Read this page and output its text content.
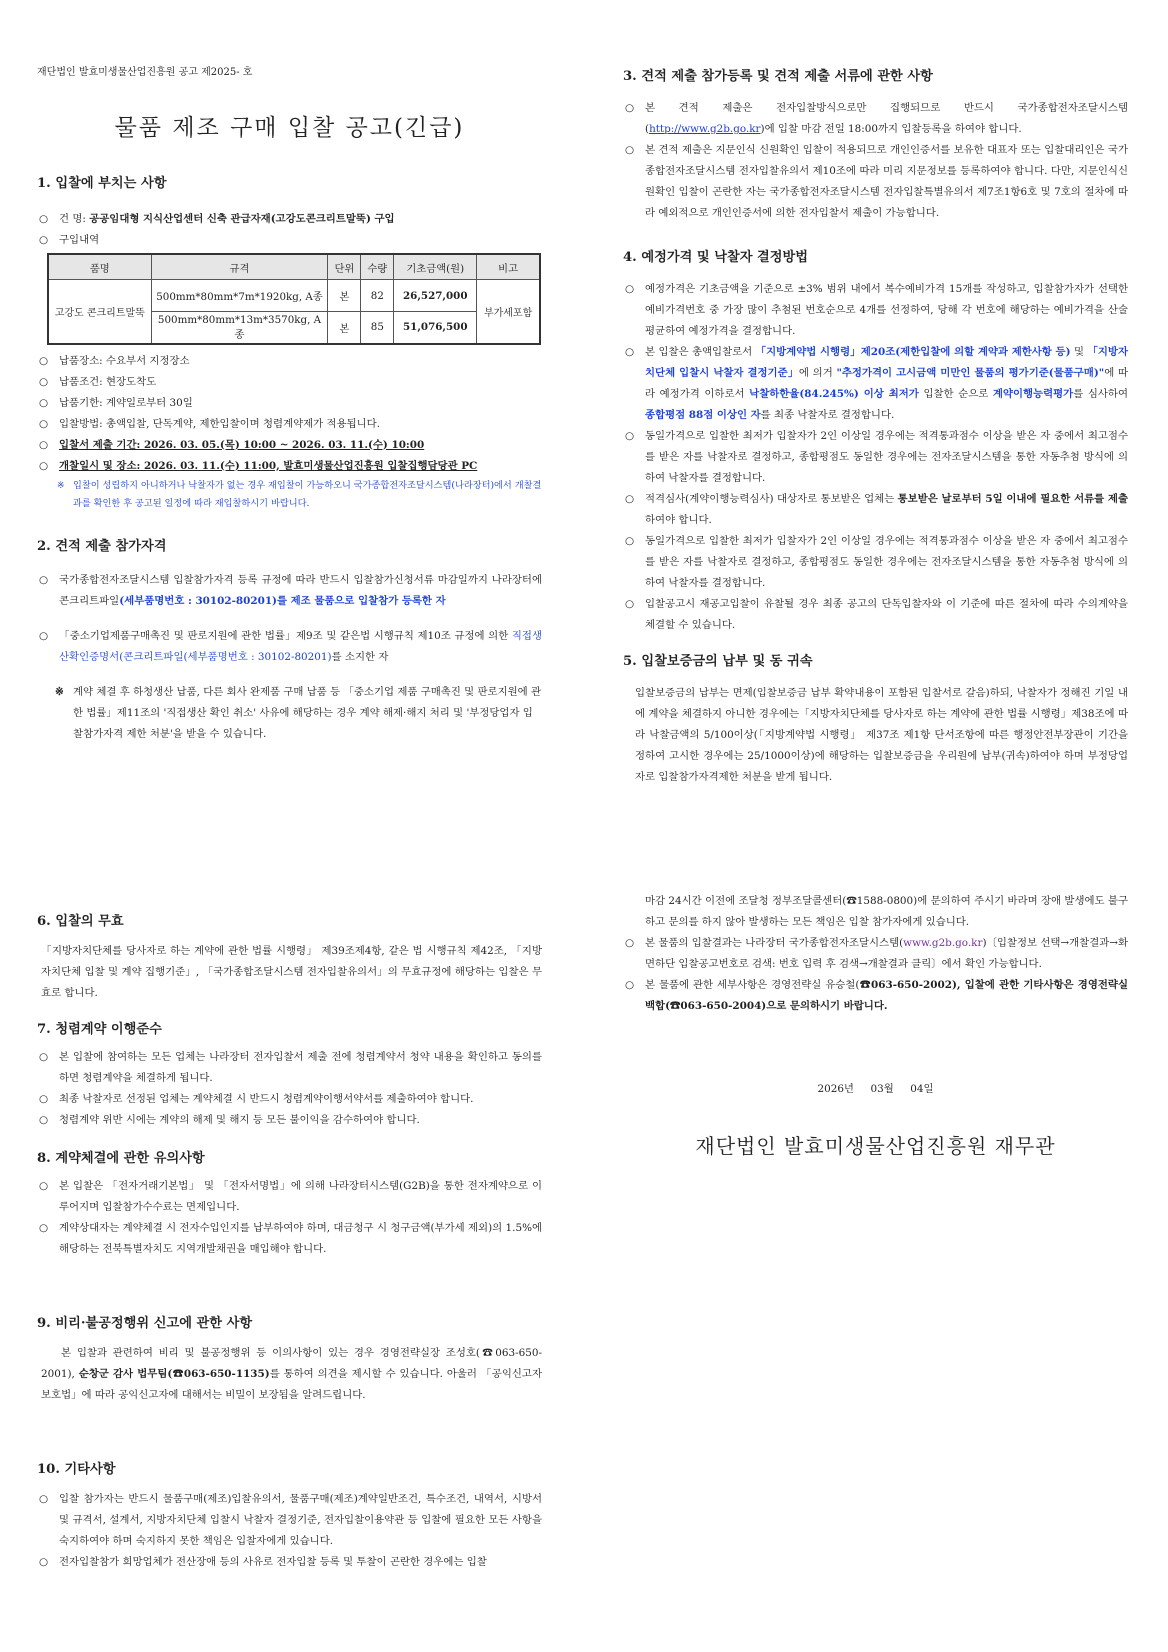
재단법인 발효미생물산업진흥원 공고 제2025- 호

물품 제조 구매 입찰 공고(긴급)

1. 입찰에 부치는 사항

○ 건 명: 공공임대형 지식산업센터 신축 관급자재(고강도콘크리트말뚝) 구입

○ 구입내역

품명	규격	단위	수량	기초금액(원)	비고
고강도 콘크리트말뚝	500mm*80mm*7m*1920kg, A종	본	82	26,527,000	부가세포함
	500mm*80mm*13m*3570kg, A종	본	85	51,076,500	

○ 납품장소: 수요부서 지정장소

○ 납품조건: 현장도착도

○ 납품기한: 계약일로부터 30일

○ 입찰방법: 총액입찰, 단독계약, 제한입찰이며 청렴계약제가 적용됩니다.

○ 입찰서 제출 기간: 2026. 03. 05.(목) 10:00 ~ 2026. 03. 11.(수) 10:00

○ 개찰일시 및 장소: 2026. 03. 11.(수) 11:00, 발효미생물산업진흥원 입찰집행담당관 PC

※ 입찰이 성립하지 아니하거나 낙찰자가 없는 경우 재입찰이 가능하오니 국가종합전자조달시스템(나라장터)에서 개찰결과를 확인한 후 공고된 일정에 따라 재입찰하시기 바랍니다.

2. 견적 제출 참가자격

○ 국가종합전자조달시스템 입찰참가자격 등록 규정에 따라 반드시 입찰참가신청서류 마감일까지 나라장터에 콘크리트파일(세부품명번호 : 30102-80201)를 제조 물품으로 입찰참가 등록한 자

○ 「중소기업제품구매촉진 및 판로지원에 관한 법률」제9조 및 같은법 시행규칙 제10조 규정에 의한 직접생산확인증명서(콘크리트파일(세부품명번호 : 30102-80201)를 소지한 자

※ 계약 체결 후 하청생산 납품, 다른 회사 완제품 구매 납품 등 「중소기업 제품 구매촉진 및 판로지원에 관한 법률」제11조의 '직접생산 확인 취소' 사유에 해당하는 경우 계약 해제·해지 처리 및 '부정당업자 입찰참가자격 제한 처분'을 받을 수 있습니다.

3. 견적 제출 참가등록 및 견적 제출 서류에 관한 사항

○ 본 견적 제출은 전자입찰방식으로만 집행되므로 반드시 국가종합전자조달시스템 (http://www.g2b.go.kr)에 입찰 마감 전일 18:00까지 입찰등록을 하여야 합니다.

○ 본 견적 제출은 지문인식 신원확인 입찰이 적용되므로 개인인증서를 보유한 대표자 또는 입찰대리인은 국가종합전자조달시스템 전자입찰유의서 제10조에 따라 미리 지문정보를 등록하여야 합니다. 다만, 지문인식신원확인 입찰이 곤란한 자는 국가종합전자조달시스템 전자입찰특별유의서 제7조1항6호 및 7호의 절차에 따라 예외적으로 개인인증서에 의한 전자입찰서 제출이 가능합니다.

4. 예정가격 및 낙찰자 결정방법

○ 예정가격은 기초금액을 기준으로 ±3% 범위 내에서 복수예비가격 15개를 작성하고, 입찰참가자가 선택한 예비가격번호 중 가장 많이 추첨된 번호순으로 4개를 선정하여, 당해 각 번호에 해당하는 예비가격을 산술평균하여 예정가격을 결정합니다.

○ 본 입찰은 총액입찰로서 「지방계약법 시행령」제20조(제한입찰에 의할 계약과 제한사항 등) 및 「지방자치단체 입찰시 낙찰자 결정기준」에 의거 "추정가격이 고시금액 미만인 물품의 평가기준(물품구매)"에 따라 예정가격 이하로서 낙찰하한율(84.245%) 이상 최저가 입찰한 순으로 계약이행능력평가를 심사하여 종합평점 88점 이상인 자를 최종 낙찰자로 결정합니다.

○ 동일가격으로 입찰한 최저가 입찰자가 2인 이상일 경우에는 적격통과점수 이상을 받은 자 중에서 최고점수를 받은 자를 낙찰자로 결정하고, 종합평점도 동일한 경우에는 전자조달시스템을 통한 자동추첨 방식에 의하여 낙찰자를 결정합니다.

○ 적격심사(계약이행능력심사) 대상자로 통보받은 업체는 통보받은 날로부터 5일 이내에 필요한 서류를 제출하여야 합니다.

○ 동일가격으로 입찰한 최저가 입찰자가 2인 이상일 경우에는 적격통과점수 이상을 받은 자 중에서 최고점수를 받은 자를 낙찰자로 결정하고, 종합평점도 동일한 경우에는 전자조달시스템을 통한 자동추첨 방식에 의하여 낙찰자를 결정합니다.

○ 입찰공고시 재공고입찰이 유찰될 경우 최종 공고의 단독입찰자와 이 기준에 따른 절차에 따라 수의계약을 체결할 수 있습니다.

5. 입찰보증금의 납부 및 동 귀속

입찰보증금의 납부는 면제(입찰보증금 납부 확약내용이 포함된 입찰서로 갈음)하되, 낙찰자가 정해진 기일 내에 계약을 체결하지 아니한 경우에는「지방자치단체를 당사자로 하는 계약에 관한 법률 시행령」제38조에 따라 낙찰금액의 5/100이상(「지방계약법 시행령」 제37조 제1항 단서조항에 따른 행정안전부장관이 기간을 정하여 고시한 경우에는 25/1000이상)에 해당하는 입찰보증금을 우리원에 납부(귀속)하여야 하며 부정당업자로 입찰참가자격제한 처분을 받게 됩니다.

6. 입찰의 무효

「지방자치단체를 당사자로 하는 계약에 관한 법률 시행령」 제39조제4항, 같은 법 시행규칙 제42조, 「지방자치단체 입찰 및 계약 집행기준」, 「국가종합조달시스템 전자입찰유의서」의 무효규정에 해당하는 입찰은 무효로 합니다.

7. 청렴계약 이행준수

○ 본 입찰에 참여하는 모든 업체는 나라장터 전자입찰서 제출 전에 청렴계약서 청약 내용을 확인하고 동의를 하면 청렴계약을 체결하게 됩니다.

○ 최종 낙찰자로 선정된 업체는 계약체결 시 반드시 청렴계약이행서약서를 제출하여야 합니다.

○ 청렴계약 위반 시에는 계약의 해제 및 해지 등 모든 불이익을 감수하여야 합니다.

8. 계약체결에 관한 유의사항

○ 본 입찰은 「전자거래기본법」 및 「전자서명법」에 의해 나라장터시스템(G2B)을 통한 전자계약으로 이루어지며 입찰참가수수료는 면제입니다.

○ 계약상대자는 계약체결 시 전자수입인지를 납부하여야 하며, 대금청구 시 청구금액(부가세 제외)의 1.5%에 해당하는 전북특별자치도 지역개발채권을 매입해야 합니다.

9. 비리·불공정행위 신고에 관한 사항

본 입찰과 관련하여 비리 및 불공정행위 등 이의사항이 있는 경우 경영전략실장 조성호(☎063-650-2001), 순창군 감사 법무팀(☎063-650-1135)를 통하여 의견을 제시할 수 있습니다. 아울러 「공익신고자보호법」에 따라 공익신고자에 대해서는 비밀이 보장됨을 알려드립니다.

10. 기타사항

○ 입찰 참가자는 반드시 물품구매(제조)입찰유의서, 물품구매(제조)계약일반조건, 특수조건, 내역서, 시방서 및 규격서, 설계서, 지방자치단체 입찰시 낙찰자 결정기준, 전자입찰이용약관 등 입찰에 필요한 모든 사항을 숙지하여야 하며 숙지하지 못한 책임은 입찰자에게 있습니다.

○ 전자입찰참가 희망업체가 전산장애 등의 사유로 전자입찰 등록 및 투찰이 곤란한 경우에는 입찰

마감 24시간 이전에 조달청 정부조달콜센터(☎1588-0800)에 문의하여 주시기 바라며 장애 발생에도 불구하고 문의를 하지 않아 발생하는 모든 책임은 입찰 참가자에게 있습니다.

○ 본 물품의 입찰결과는 나라장터 국가종합전자조달시스템(www.g2b.go.kr)〔입찰정보 선택→개찰결과→화면하단 입찰공고번호로 검색: 번호 입력 후 검색→개찰결과 클릭〕에서 확인 가능합니다.

○ 본 물품에 관한 세부사항은 경영전략실 유승철(☎063-650-2002), 입찰에 관한 기타사항은 경영전략실 백합(☎063-650-2004)으로 문의하시기 바랍니다.

2026년     03월     04일

재단법인 발효미생물산업진흥원 재무관
